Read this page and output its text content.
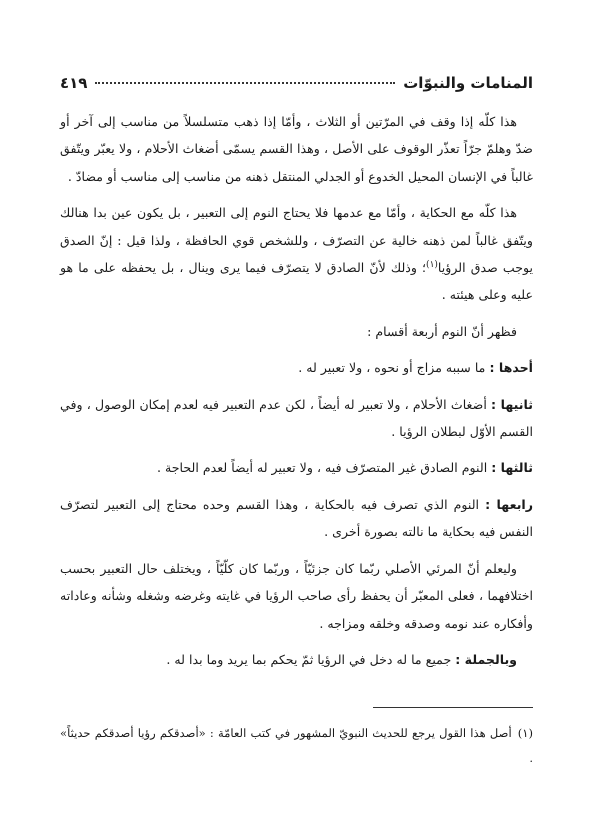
المنامات والنبوّات
٤١٩

هذا كلّه إذا وقف في المرّتين أو الثلاث ، وأمّا إذا ذهب متسلسلاً من مناسب إلى آخر أو ضدّ وهلمّ جرّاً تعذّر الوقوف على الأصل ، وهذا القسم يسمّى أضغاث الأحلام ، ولا يعبّر ويتّفق غالباً في الإنسان المحيل الخدوع أو الجدلي المنتقل ذهنه من مناسب إلى مناسب أو مضادّ .

هذا كلّه مع الحكاية ، وأمّا مع عدمها فلا يحتاج النوم إلى التعبير ، بل يكون عين بدا هنالك ويتّفق غالباً لمن ذهنه خالية عن التصرّف ، وللشخص قوي الحافظة ، ولذا قيل : إنّ الصدق يوجب صدق الرؤيا$^{(١)}$؛ وذلك لأنّ الصادق لا يتصرّف فيما يرى وينال ، بل يحفظه على ما هو عليه وعلى هيئته .

فظهر أنّ النوم أربعة أقسام :

أحدها : ما سببه مزاج أو نحوه ، ولا تعبير له .

ثانيها : أضغاث الأحلام ، ولا تعبير له أيضاً ، لكن عدم التعبير فيه لعدم إمكان الوصول ، وفي القسم الأوّل لبطلان الرؤيا .

ثالثها : النوم الصادق غير المتصرّف فيه ، ولا تعبير له أيضاً لعدم الحاجة .

رابعها : النوم الذي تصرف فيه بالحكاية ، وهذا القسم وحده محتاج إلى التعبير لتصرّف النفس فيه بحكاية ما نالته بصورة أخرى .

وليعلم أنّ المرئي الأصلي ربّما كان جزئيّاً ، وربّما كان كلّيّاً ، ويختلف حال التعبير بحسب اختلافهما ، فعلى المعبّر أن يحفظ رأى صاحب الرؤيا في غايته وغرضه وشغله وشأنه وعاداته وأفكاره عند نومه وصدقه وخلقه ومزاجه .

وبالجملة : جميع ما له دخل في الرؤيا ثمّ يحكم بما يريد وما بدا له .

(١)أصل هذا القول يرجع للحديث النبويّ المشهور في كتب العامّة : «أصدقكم رؤيا أصدقكم حديثاً» .
